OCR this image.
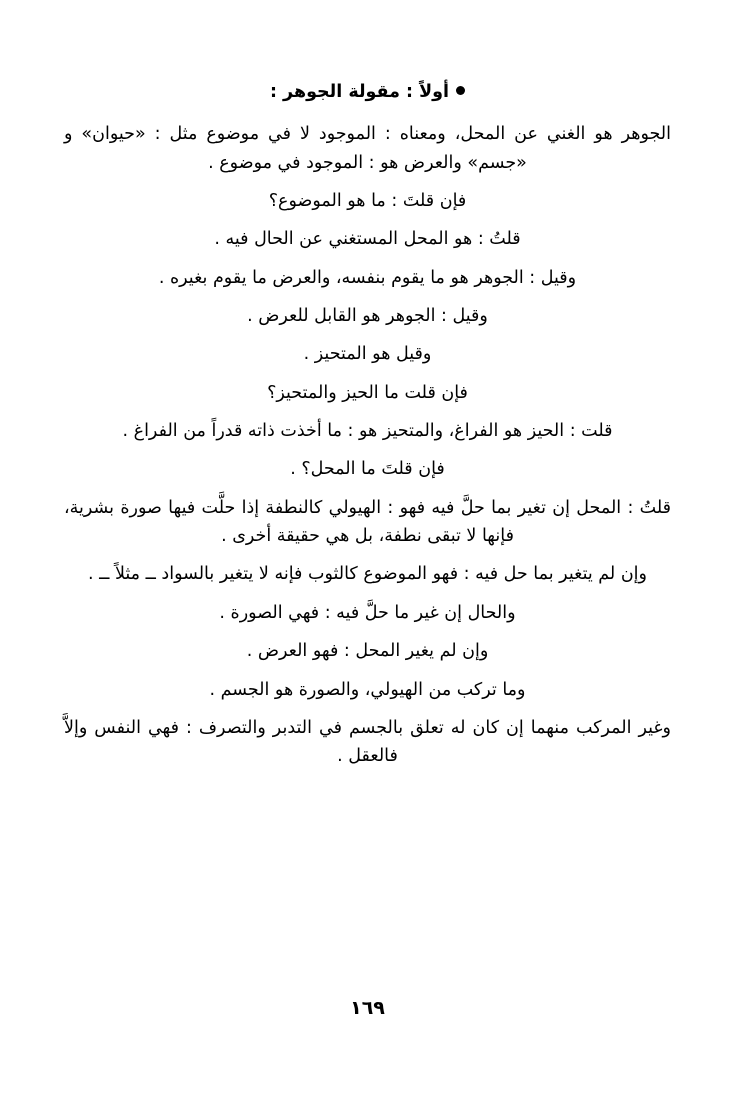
أولاً : مقولة الجوهر :

الجوهر هو الغني عن المحل، ومعناه : الموجود لا في موضوع مثل : «حيوان» و «جسم» والعرض هو : الموجود في موضوع .

فإن قلتَ : ما هو الموضوع؟

قلتُ : هو المحل المستغني عن الحال فيه .

وقيل : الجوهر هو ما يقوم بنفسه، والعرض ما يقوم بغيره .

وقيل : الجوهر هو القابل للعرض .

وقيل هو المتحيز .

فإن قلت ما الحيز والمتحيز؟

قلت : الحيز هو الفراغ، والمتحيز هو : ما أخذت ذاته قدراً من الفراغ .

فإن قلتَ ما المحل؟ .

قلتُ : المحل إن تغير بما حلَّ فيه فهو : الهيولي كالنطفة إذا حلَّت فيها صورة بشرية، فإنها لا تبقى نطفة، بل هي حقيقة أخرى .

وإن لم يتغير بما حل فيه : فهو الموضوع كالثوب فإنه لا يتغير بالسواد ــ مثلاً ــ .

والحال إن غير ما حلَّ فيه : فهي الصورة .

وإن لم يغير المحل : فهو العرض .

وما تركب من الهيولي، والصورة هو الجسم .

وغير المركب منهما إن كان له تعلق بالجسم في التدبر والتصرف : فهي النفس وإلاَّ فالعقل .

١٦٩
